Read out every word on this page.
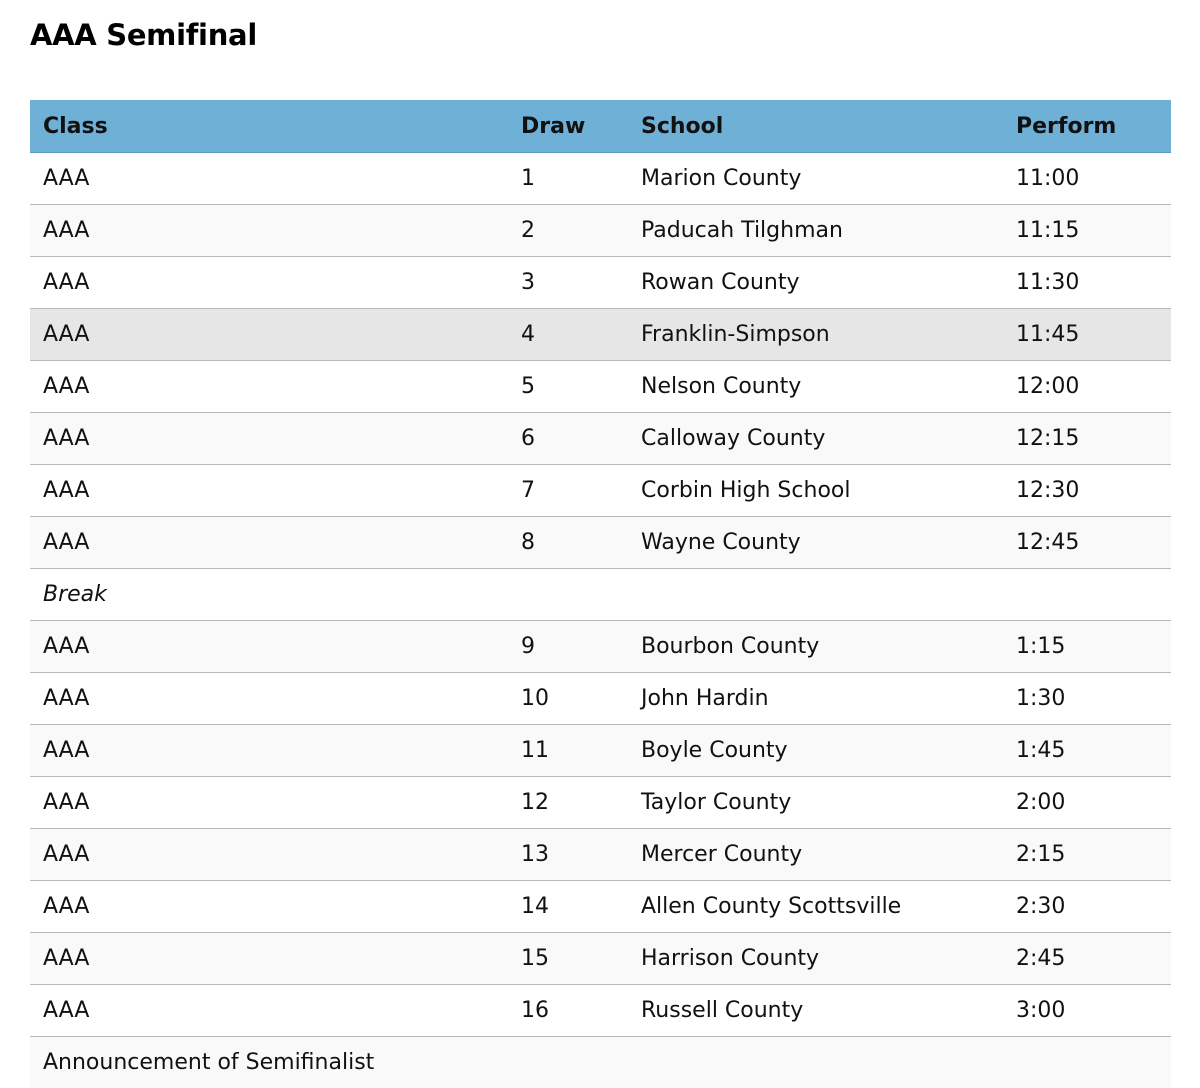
AAA Semifinal
Class	Draw	School	Perform
AAA	1	Marion County	11:00
AAA	2	Paducah Tilghman	11:15
AAA	3	Rowan County	11:30
AAA	4	Franklin-Simpson	11:45
AAA	5	Nelson County	12:00
AAA	6	Calloway County	12:15
AAA	7	Corbin High School	12:30
AAA	8	Wayne County	12:45
Break			
AAA	9	Bourbon County	1:15
AAA	10	John Hardin	1:30
AAA	11	Boyle County	1:45
AAA	12	Taylor County	2:00
AAA	13	Mercer County	2:15
AAA	14	Allen County Scottsville	2:30
AAA	15	Harrison County	2:45
AAA	16	Russell County	3:00
Announcement of Semifinalist			
